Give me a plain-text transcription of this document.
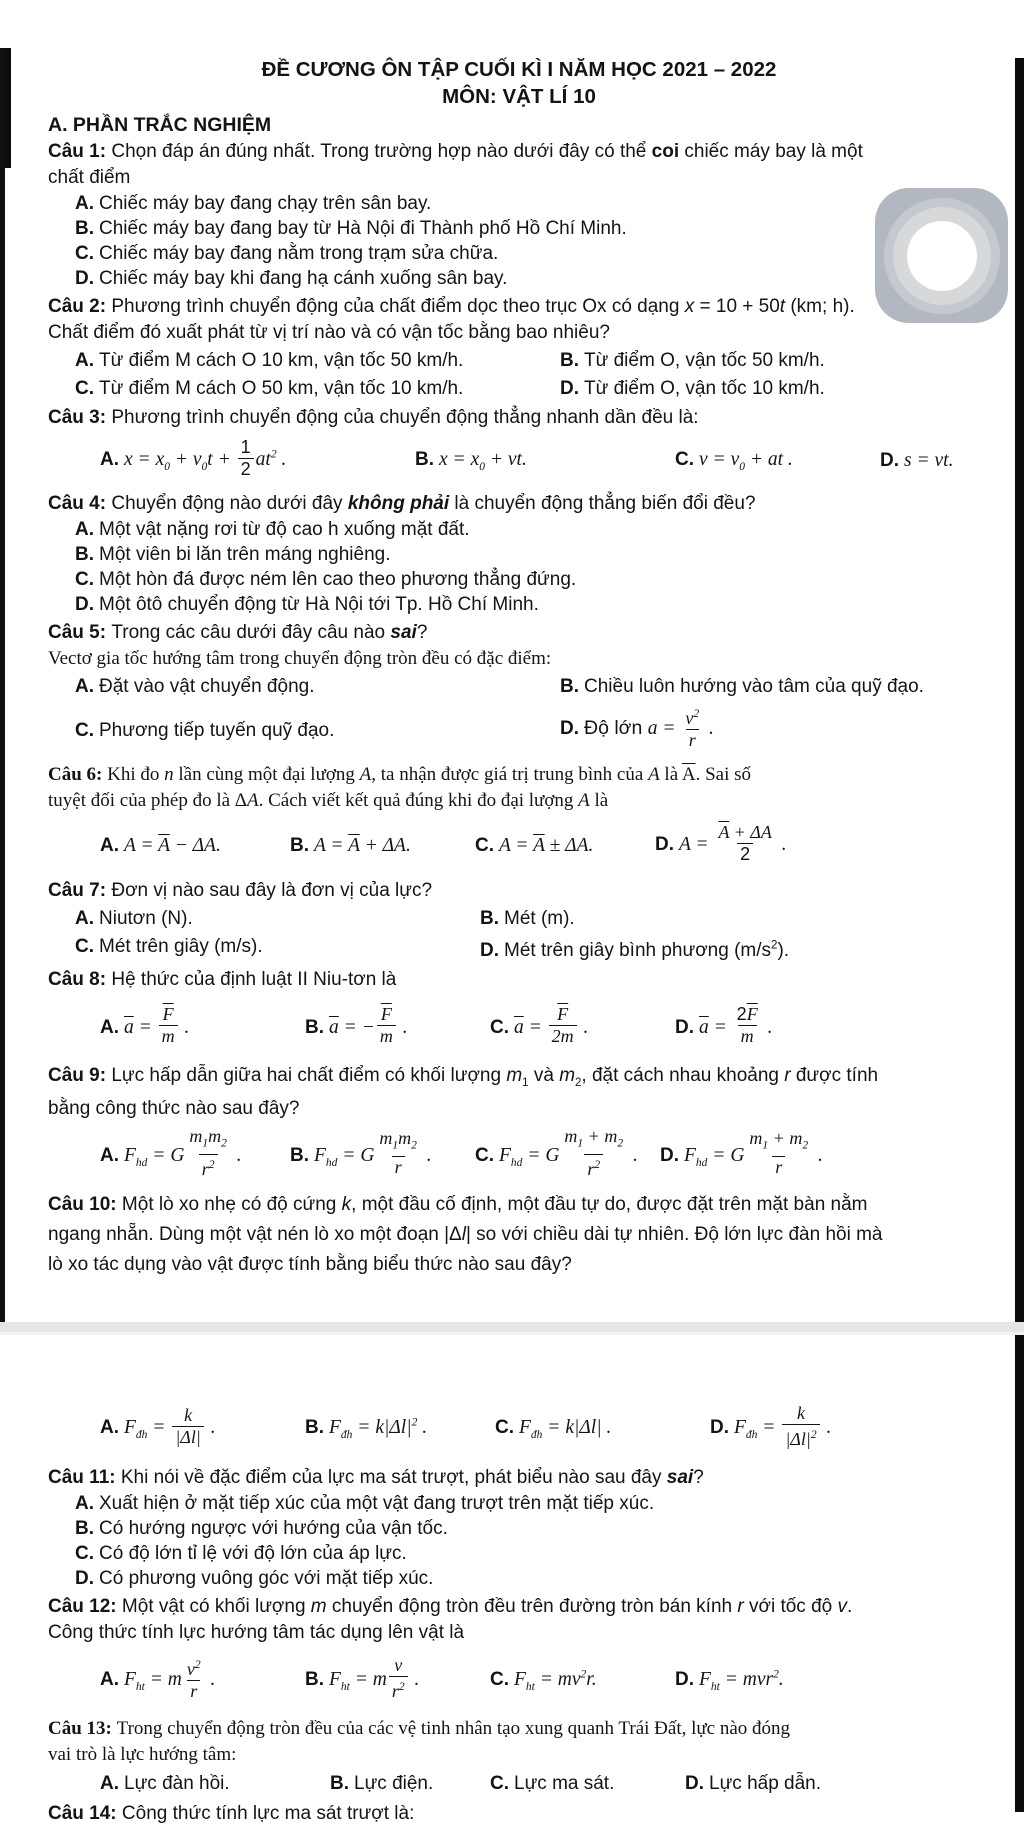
ĐỀ CƯƠNG ÔN TẬP CUỐI KÌ I NĂM HỌC 2021 – 2022
MÔN: VẬT LÍ 10
A. PHẦN TRẮC NGHIỆM
Câu 1: Chọn đáp án đúng nhất. Trong trường hợp nào dưới đây có thể coi chiếc máy bay là một
chất điểm
A. Chiếc máy bay đang chạy trên sân bay.
B. Chiếc máy bay đang bay từ Hà Nội đi Thành phố Hồ Chí Minh.
C. Chiếc máy bay đang nằm trong trạm sửa chữa.
D. Chiếc máy bay khi đang hạ cánh xuống sân bay.
Câu 2: Phương trình chuyển động của chất điểm dọc theo trục Ox có dạng x = 10 + 50t (km; h).
Chất điểm đó xuất phát từ vị trí nào và có vận tốc bằng bao nhiêu?
A. Từ điểm M cách O 10 km, vận tốc 50 km/h.	B. Từ điểm O, vận tốc 50 km/h.
C. Từ điểm M cách O 50 km, vận tốc 10 km/h.	D. Từ điểm O, vận tốc 10 km/h.
Câu 3: Phương trình chuyển động của chuyển động thẳng nhanh dần đều là:
A. $x = x_0 + v_0t + \frac{1}{2} at^2$ .	B. $x = x_0$ + vt.	C. $v = v_0$ + at .	D. s = vt.
Câu 4: Chuyển động nào dưới đây không phải là chuyển động thẳng biến đổi đều?
A. Một vật nặng rơi từ độ cao h xuống mặt đất.
B. Một viên bi lăn trên máng nghiêng.
C. Một hòn đá được ném lên cao theo phương thẳng đứng.
D. Một ôtô chuyển động từ Hà Nội tới Tp. Hồ Chí Minh.
Câu 5: Trong các câu dưới đây câu nào sai?
Vectơ gia tốc hướng tâm trong chuyển động tròn đều có đặc điểm:
A. Đặt vào vật chuyển động.	B. Chiều luôn hướng vào tâm của quỹ đạo.
C. Phương tiếp tuyến quỹ đạo.	D. Độ lớn $a = \frac{v^2}{r}$ .
Câu 6: Khi đo n lần cùng một đại lượng A, ta nhận được giá trị trung bình của A là $\overline{A}$. Sai số
tuyệt đối của phép đo là ΔA. Cách viết kết quả đúng khi đo đại lượng A là
A. $A = \overline{A} - \Delta A$.	B. $A = \overline{A} + \Delta A$.	C. $A = \overline{A} \pm \Delta A$.	D. $A = \frac{\overline{A} + \Delta A}{2}$ .
Câu 7: Đơn vị nào sau đây là đơn vị của lực?
A. Niutơn (N).	B. Mét (m).
C. Mét trên giây (m/s).	D. Mét trên giây bình phương $(m/s^2)$.
Câu 8: Hệ thức của định luật II Niu-tơn là
A. $\overline{a} = \frac{\overline{F}}{m}$ .	B. $\overline{a}$ = − $\frac{\overline{F}}{m}$ .	C. $\overline{a} = \frac{\overline{F}}{2m}$ .	D. $\overline{a} = \frac{2\overline{F}}{m}$ .
Câu 9: Lực hấp dẫn giữa hai chất điểm có khối lượng $m_1$ và $m_2$, đặt cách nhau khoảng r được tính
bằng công thức nào sau đây?
A. $F_{hd} = G \frac{m_1m_2}{r^2}$ .	B. $F_{hd} = G \frac{m_1m_2}{r}$ .	C. $F_{hd} = G \frac{m_1 + m_2}{r^2}$ .	D. $F_{hd} = G \frac{m_1 + m_2}{r}$ .
Câu 10: Một lò xo nhẹ có độ cứng k, một đầu cố định, một đầu tự do, được đặt trên mặt bàn nằm
ngang nhẵn. Dùng một vật nén lò xo một đoạn |Δl| so với chiều dài tự nhiên. Độ lớn lực đàn hồi mà
lò xo tác dụng vào vật được tính bằng biểu thức nào sau đây?
A. $F_{đh} = \frac{k}{|\Delta l|}$ .	B. $F_{đh} = k|\Delta l|^2$ .	C. $F_{đh} = k|\Delta l|$ .	D. $F_{đh} = \frac{k}{|\Delta l|^2}$ .
Câu 11: Khi nói về đặc điểm của lực ma sát trượt, phát biểu nào sau đây sai?
A. Xuất hiện ở mặt tiếp xúc của một vật đang trượt trên mặt tiếp xúc.
B. Có hướng ngược với hướng của vận tốc.
C. Có độ lớn tỉ lệ với độ lớn của áp lực.
D. Có phương vuông góc với mặt tiếp xúc.
Câu 12: Một vật có khối lượng m chuyển động tròn đều trên đường tròn bán kính r với tốc độ v.
Công thức tính lực hướng tâm tác dụng lên vật là
A. $F_{ht} = m \frac{v^2}{r}$ .	B. $F_{ht} = m \frac{v}{r^2}$ .	C. $F_{ht} = mv^2r$.	D. $F_{ht} = mvr^2$.
Câu 13: Trong chuyển động tròn đều của các vệ tinh nhân tạo xung quanh Trái Đất, lực nào đóng
vai trò là lực hướng tâm:
A. Lực đàn hồi.	B. Lực điện.	C. Lực ma sát.	D. Lực hấp dẫn.
Câu 14: Công thức tính lực ma sát trượt là:
